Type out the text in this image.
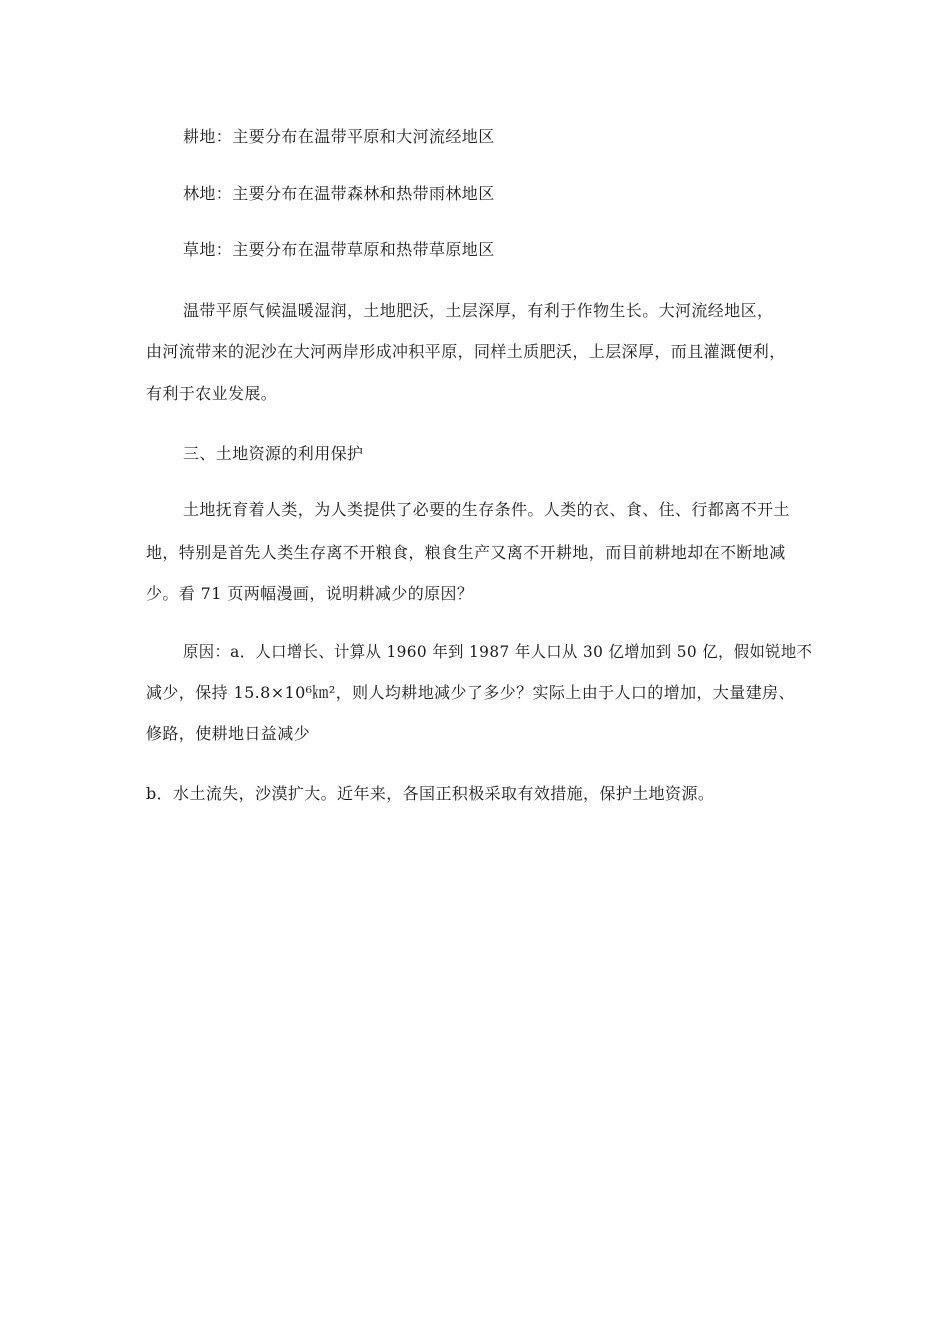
耕地：主要分布在温带平原和大河流经地区
林地：主要分布在温带森林和热带雨林地区
草地：主要分布在温带草原和热带草原地区
温带平原气候温暖湿润，土地肥沃，土层深厚，有利于作物生长。大河流经地区，
由河流带来的泥沙在大河两岸形成冲积平原，同样土质肥沃，上层深厚，而且灌溉便利，
有利于农业发展。
三、土地资源的利用保护
土地抚育着人类，为人类提供了必要的生存条件。人类的衣、食、住、行都离不开土
地，特别是首先人类生存离不开粮食，粮食生产又离不开耕地，而目前耕地却在不断地减
少。看 71 页两幅漫画，说明耕减少的原因？
原因：a．人口增长、计算从 1960 年到 1987 年人口从 30 亿增加到 50 亿，假如锐地不
减少，保持 15.8×10⁶㎞²，则人均耕地减少了多少？实际上由于人口的增加，大量建房、
修路，使耕地日益减少
b．水土流失，沙漠扩大。近年来，各国正积极采取有效措施，保护土地资源。
